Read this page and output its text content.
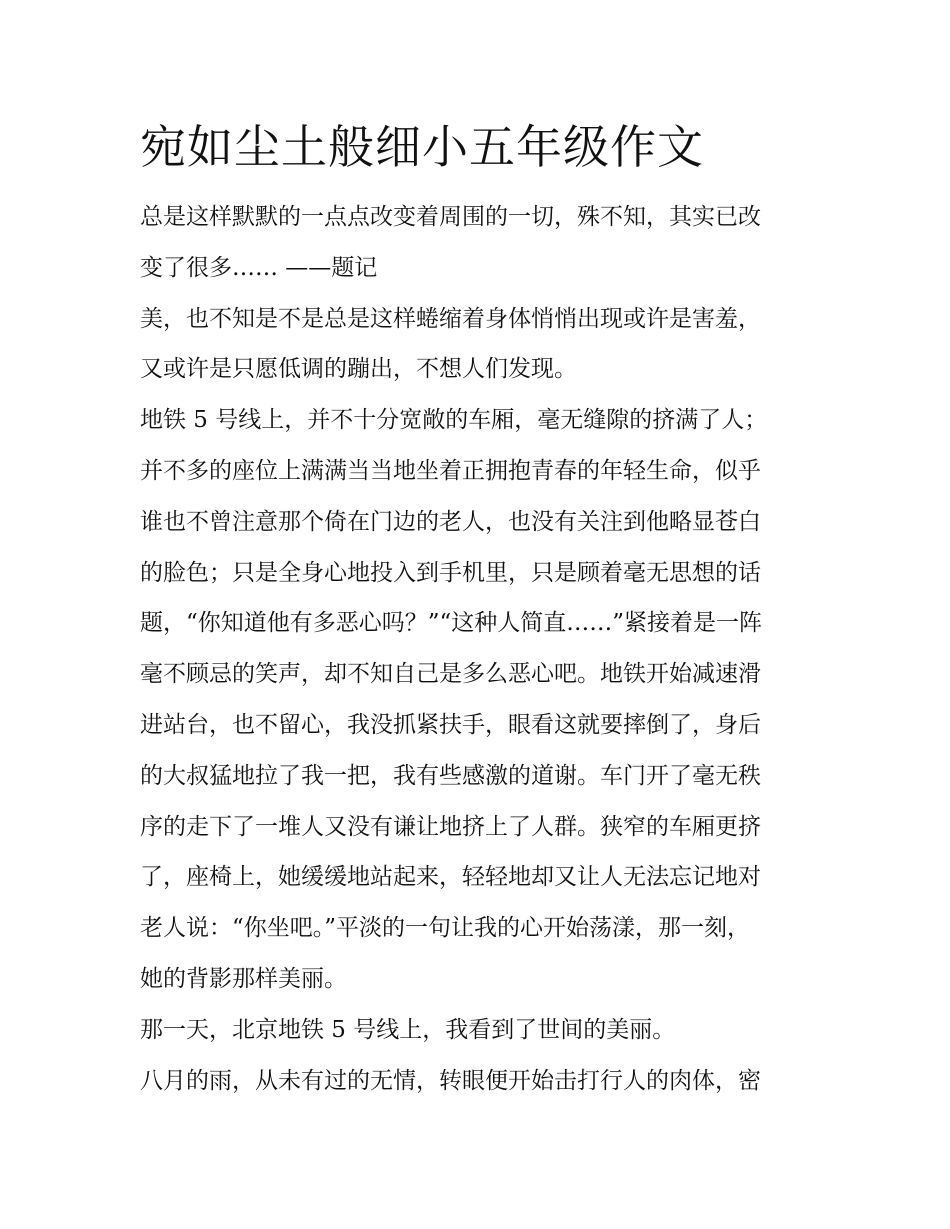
宛如尘土般细小五年级作文

总是这样默默的一点点改变着周围的一切，殊不知，其实已改
变了很多…… ——题记

美，也不知是不是总是这样蜷缩着身体悄悄出现或许是害羞，
又或许是只愿低调的蹦出，不想人们发现。

地铁 5 号线上，并不十分宽敞的车厢，毫无缝隙的挤满了人；
并不多的座位上满满当当地坐着正拥抱青春的年轻生命，似乎
谁也不曾注意那个倚在门边的老人，也没有关注到他略显苍白
的脸色；只是全身心地投入到手机里，只是顾着毫无思想的话
题，“你知道他有多恶心吗？”“这种人简直……”紧接着是一阵
毫不顾忌的笑声，却不知自己是多么恶心吧。地铁开始减速滑
进站台，也不留心，我没抓紧扶手，眼看这就要摔倒了，身后
的大叔猛地拉了我一把，我有些感激的道谢。车门开了毫无秩
序的走下了一堆人又没有谦让地挤上了人群。狭窄的车厢更挤
了，座椅上，她缓缓地站起来，轻轻地却又让人无法忘记地对
老人说：“你坐吧。”平淡的一句让我的心开始荡漾，那一刻，
她的背影那样美丽。

那一天，北京地铁 5 号线上，我看到了世间的美丽。

八月的雨，从未有过的无情，转眼便开始击打行人的肉体，密
